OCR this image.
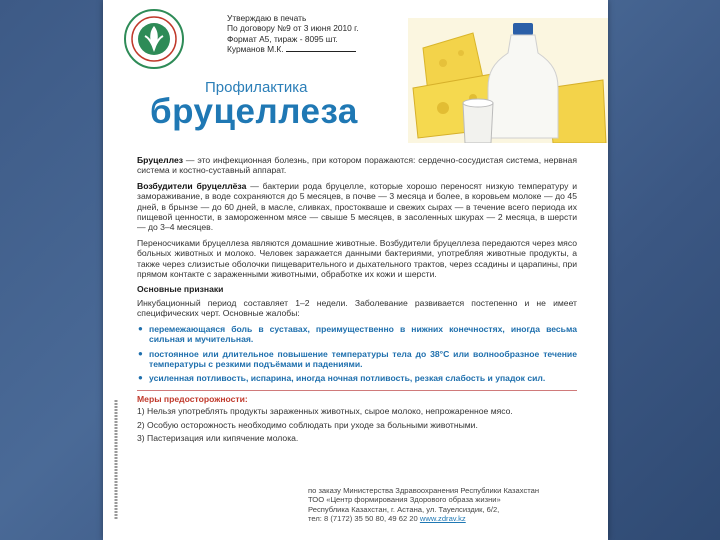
Утверждаю в печать
По договору №9 от 3 июня 2010 г.
Формат А5, тираж - 8095 шт.
Курманов М.К.
Профилактика
бруцеллеза

Бруцеллез — это инфекционная болезнь, при котором поражаются: сердечно-сосудистая система, нервная система и костно-суставный аппарат.

Возбудители бруцеллёза — бактерии рода бруцелле, которые хорошо переносят низкую температуру и замораживание, в воде сохраняются до 5 месяцев, в почве — 3 месяца и более, в коровьем молоке — до 45 дней, в брынзе — до 60 дней, в масле, сливках, простокваше и свежих сырах — в течение всего периода их пищевой ценности, в замороженном мясе — свыше 5 месяцев, в засоленных шкурах — 2 месяца, в шерсти — до 3–4 месяцев.

Переносчиками бруцеллеза являются домашние животные. Возбудители бруцеллеза передаются через мясо больных животных и молоко. Человек заражается данными бактериями, употребляя животные продукты, а также через слизистые оболочки пищеварительного и дыхательного трактов, через ссадины и царапины, при прямом контакте с зараженными животными, обработке их кожи и шерсти.

Основные признаки

Инкубационный период составляет 1–2 недели. Заболевание развивается постепенно и не имеет специфических черт. Основные жалобы:

● перемежающаяся боль в суставах, преимущественно в нижних конечностях, иногда весьма сильная и мучительная.
● постоянное или длительное повышение температуры тела до 38°С или волнообразное течение температуры с резкими подъёмами и падениями.
● усиленная потливость, испарина, иногда ночная потливость, резкая слабость и упадок сил.
Меры предосторожности:

1) Нельзя употреблять продукты зараженных животных, сырое молоко, непрожаренное мясо.

2) Особую осторожность необходимо соблюдать при уходе за больными животными.

3) Пастеризация или кипячение молока.

по заказу Министерства Здравоохранения Республики Казахстан
ТОО «Центр формирования Здорового образа жизни»
Республика Казахстан, г. Астана, ул. Тауелсиздик, 6/2,
тел: 8 (7172) 35 50 80, 49 62 20 www.zdrav.kz
